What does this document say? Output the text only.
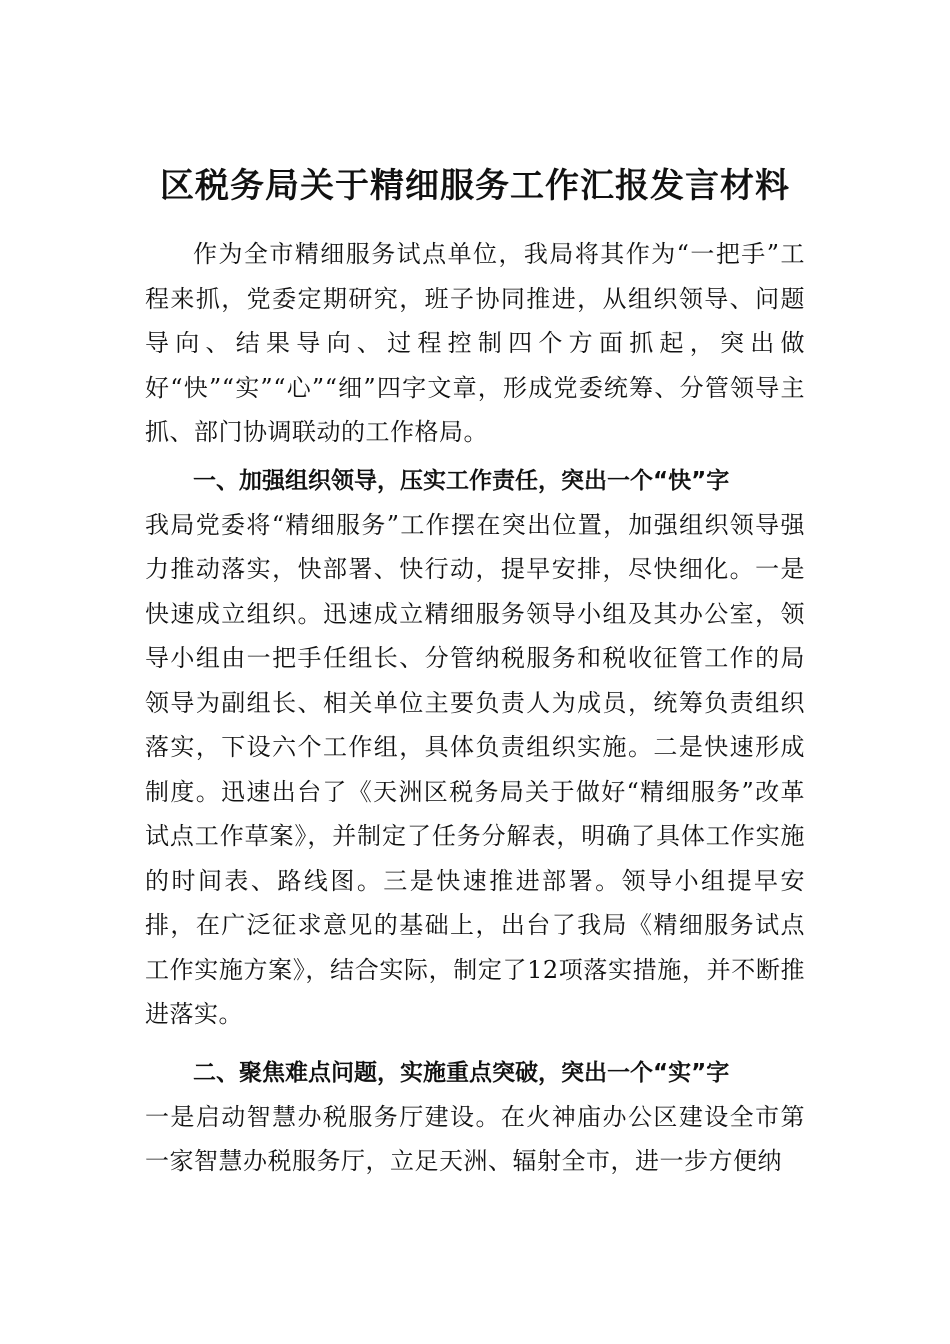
区税务局关于精细服务工作汇报发言材料

作为全市精细服务试点单位，我局将其作为“一把手”工程来抓，党委定期研究，班子协同推进，从组织领导、问题导向、结果导向、过程控制四个方面抓起，突出做好“快”“实”“心”“细”四字文章，形成党委统筹、分管领导主抓、部门协调联动的工作格局。

一、加强组织领导，压实工作责任，突出一个“快”字

我局党委将“精细服务”工作摆在突出位置，加强组织领导强力推动落实，快部署、快行动，提早安排，尽快细化。一是快速成立组织。迅速成立精细服务领导小组及其办公室，领导小组由一把手任组长、分管纳税服务和税收征管工作的局领导为副组长、相关单位主要负责人为成员，统筹负责组织落实，下设六个工作组，具体负责组织实施。二是快速形成制度。迅速出台了《天洲区税务局关于做好“精细服务”改革试点工作草案》，并制定了任务分解表，明确了具体工作实施的时间表、路线图。三是快速推进部署。领导小组提早安排，在广泛征求意见的基础上，出台了我局《精细服务试点工作实施方案》，结合实际，制定了12项落实措施，并不断推进落实。

二、聚焦难点问题，实施重点突破，突出一个“实”字

一是启动智慧办税服务厅建设。在火神庙办公区建设全市第一家智慧办税服务厅，立足天洲、辐射全市，进一步方便纳
